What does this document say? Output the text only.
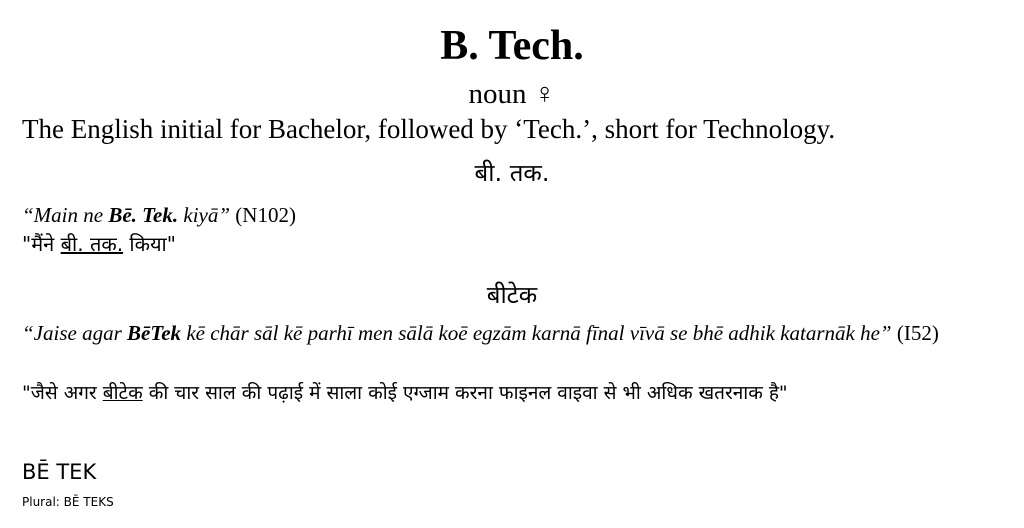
B. Tech.
noun ♀
The English initial for Bachelor, followed by ‘Tech.’, short for Technology.
बी. तक.
“Main ne Bē. Tek. kiyā” (N102)
"मैंने बी. तक. किया"
बीटेक
“Jaise agar BēTek kē chār sāl kē parhī men sālā koē egzām karnā fīnal vīvā se bhē adhik katarnāk he” (I52)
"जैसे अगर बीटेक की चार साल की पढ़ाई में साला कोई एग्जाम करना फाइनल वाइवा से भी अधिक खतरनाक है"
BĒ TEK
Plural: BĒ TEKS
